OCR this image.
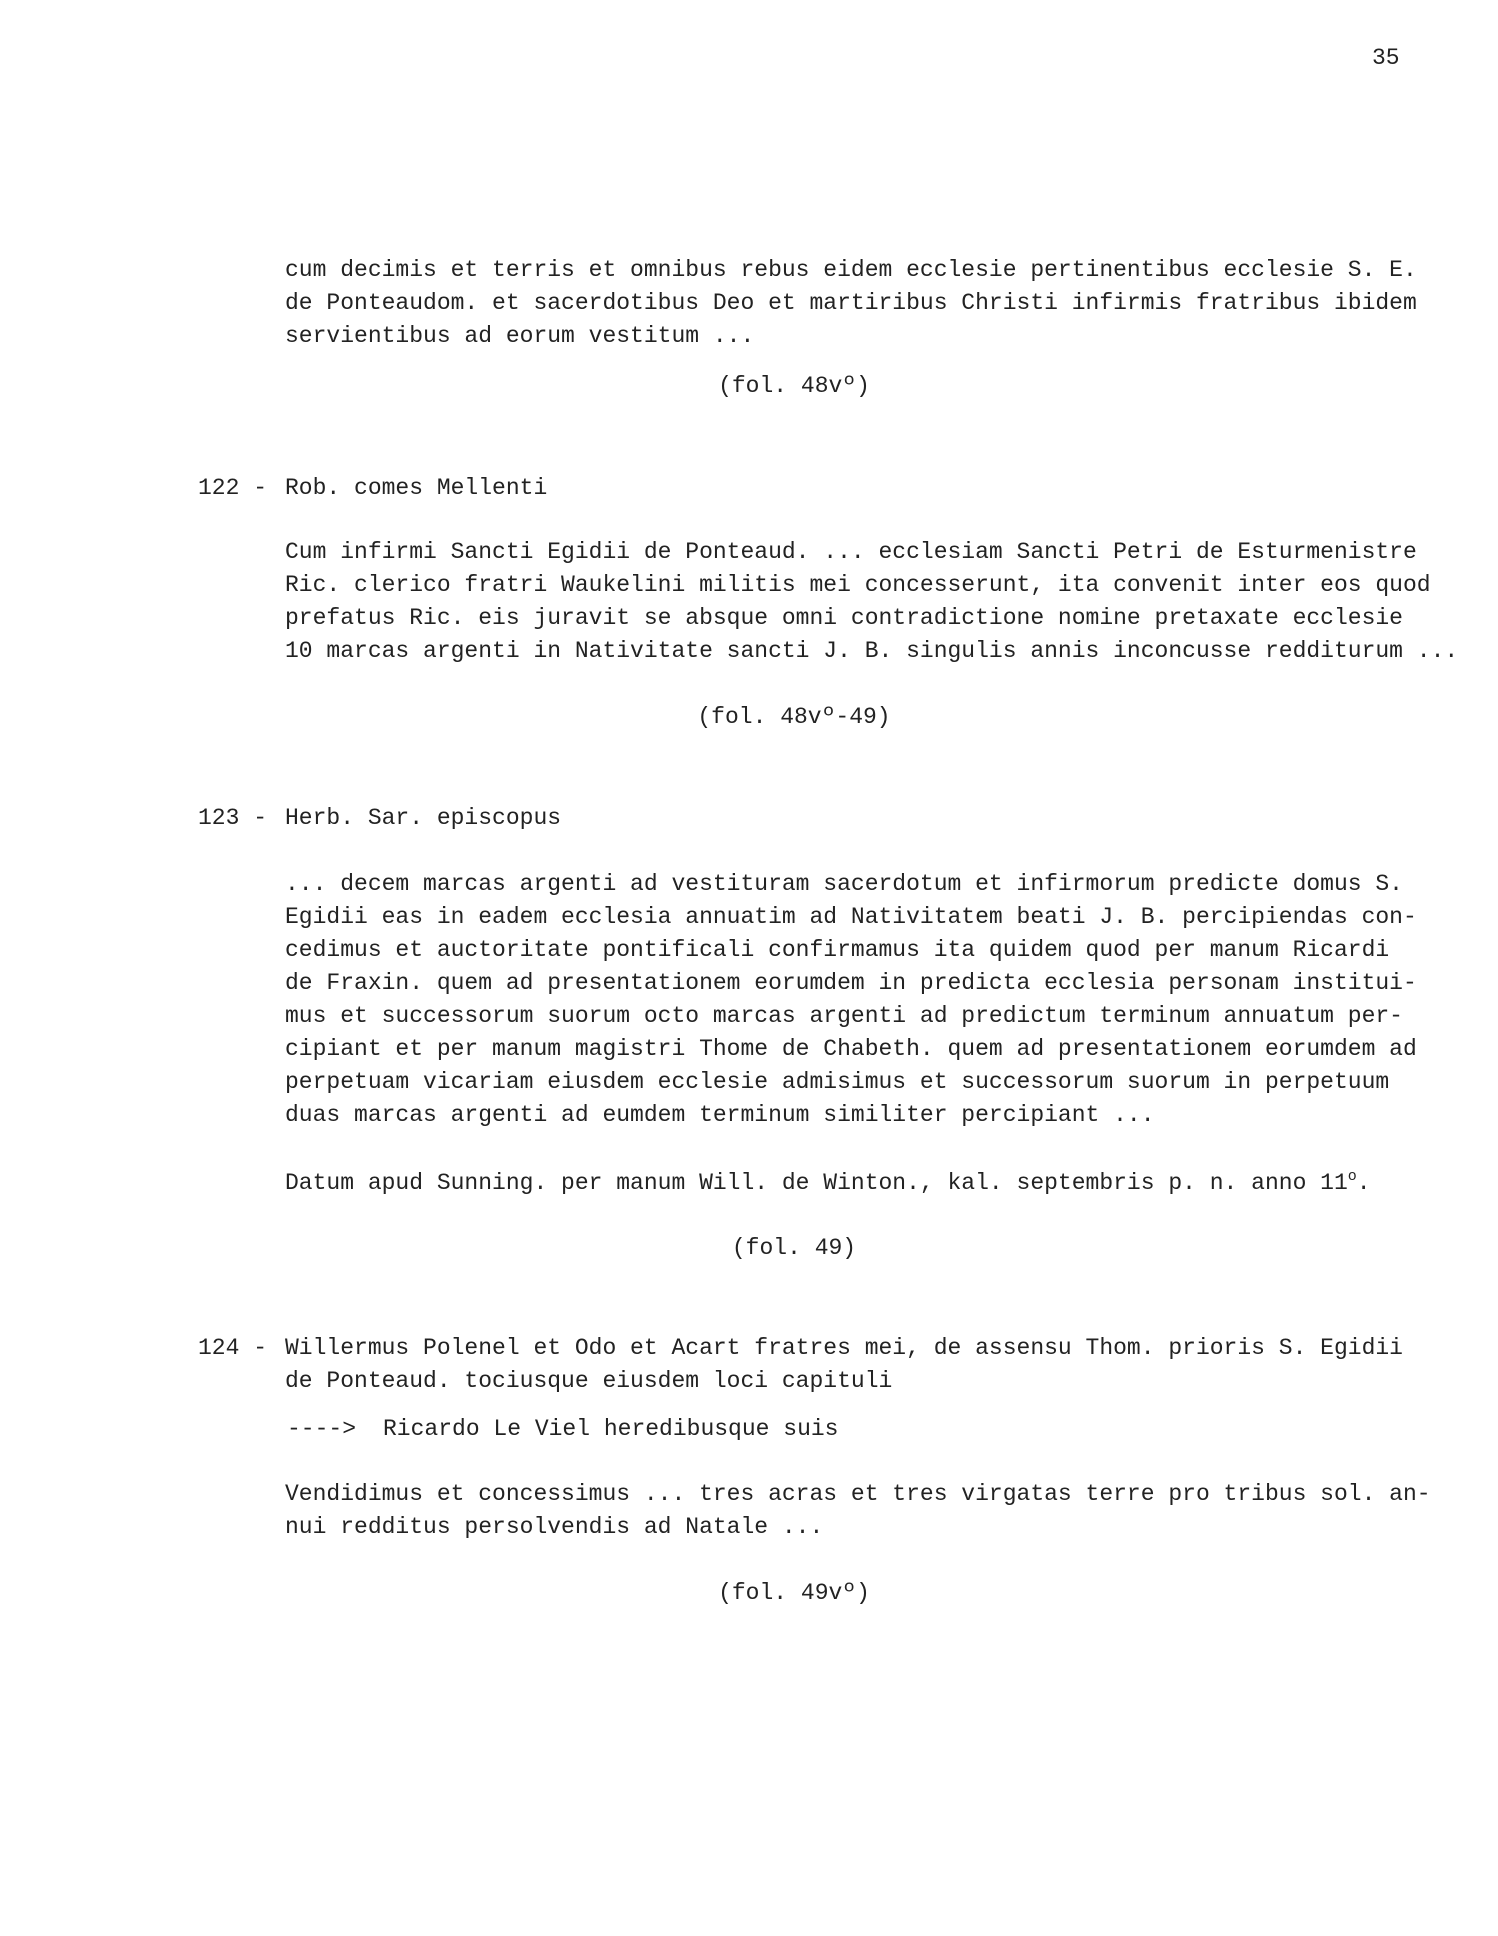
35

cum decimis et terris et omnibus rebus eidem ecclesie pertinentibus ecclesie S. E.
de Ponteaudom. et sacerdotibus Deo et martiribus Christi infirmis fratribus ibidem
servientibus ad eorum vestitum ...

(fol. 48vº)

122 - Rob. comes Mellenti

Cum infirmi Sancti Egidii de Ponteaud. ... ecclesiam Sancti Petri de Esturmenistre
Ric. clerico fratri Waukelini militis mei concesserunt, ita convenit inter eos quod
prefatus Ric. eis juravit se absque omni contradictione nomine pretaxate ecclesie
10 marcas argenti in Nativitate sancti J. B. singulis annis inconcusse redditurum ...

(fol. 48vº-49)

123 - Herb. Sar. episcopus

... decem marcas argenti ad vestituram sacerdotum et infirmorum predicte domus S.
Egidii eas in eadem ecclesia annuatim ad Nativitatem beati J. B. percipiendas con-
cedimus et auctoritate pontificali confirmamus ita quidem quod per manum Ricardi
de Fraxin. quem ad presentationem eorumdem in predicta ecclesia personam institui-
mus et successorum suorum octo marcas argenti ad predictum terminum annuatum per-
cipiant et per manum magistri Thome de Chabeth. quem ad presentationem eorumdem ad
perpetuam vicariam eiusdem ecclesie admisimus et successorum suorum in perpetuum
duas marcas argenti ad eumdem terminum similiter percipiant ...

Datum apud Sunning. per manum Will. de Winton., kal. septembris p. n. anno 11$^o$.

(fol. 49)

124 - Willermus Polenel et Odo et Acart fratres mei, de assensu Thom. prioris S. Egidii

de Ponteaud. tociusque eiusdem loci capituli

----> Ricardo Le Viel heredibusque suis

Vendidimus et concessimus ... tres acras et tres virgatas terre pro tribus sol. an-
nui redditus persolvendis ad Natale ...

(fol. 49vº)
